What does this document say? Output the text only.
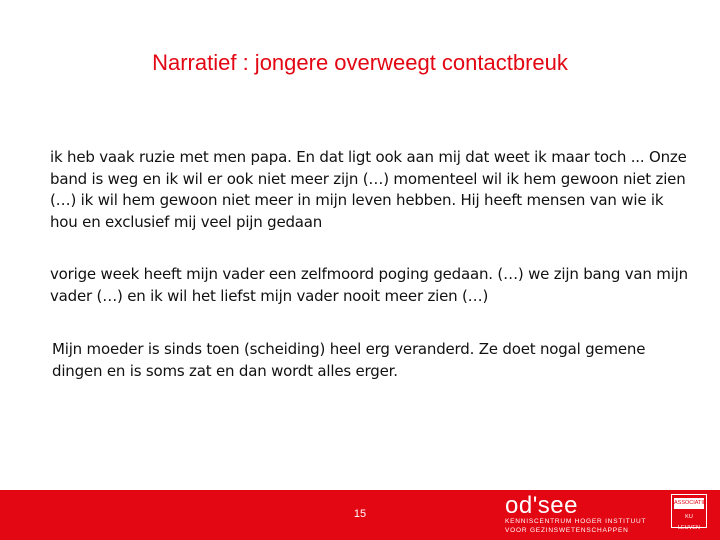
Narratief : jongere overweegt contactbreuk
ik heb vaak ruzie met men papa. En dat ligt ook aan mij dat weet ik maar toch ... Onze band is weg en ik wil er ook niet meer zijn (…) momenteel wil ik hem gewoon niet zien (…) ik wil hem gewoon niet meer in mijn leven hebben. Hij heeft mensen van wie ik hou en exclusief mij veel pijn gedaan
vorige week heeft mijn vader een zelfmoord poging gedaan. (…) we zijn bang van mijn vader (…) en ik wil het liefst mijn vader nooit meer zien (…)
Mijn moeder is sinds toen (scheiding) heel erg veranderd. Ze doet nogal gemene dingen en is soms zat en dan wordt alles erger.
15	od'see
KENNISCENTRUM HOGER INSTITUUT
VOOR GEZINSWETENSCHAPPEN
ASSOCIATIE
KU LEUVEN
